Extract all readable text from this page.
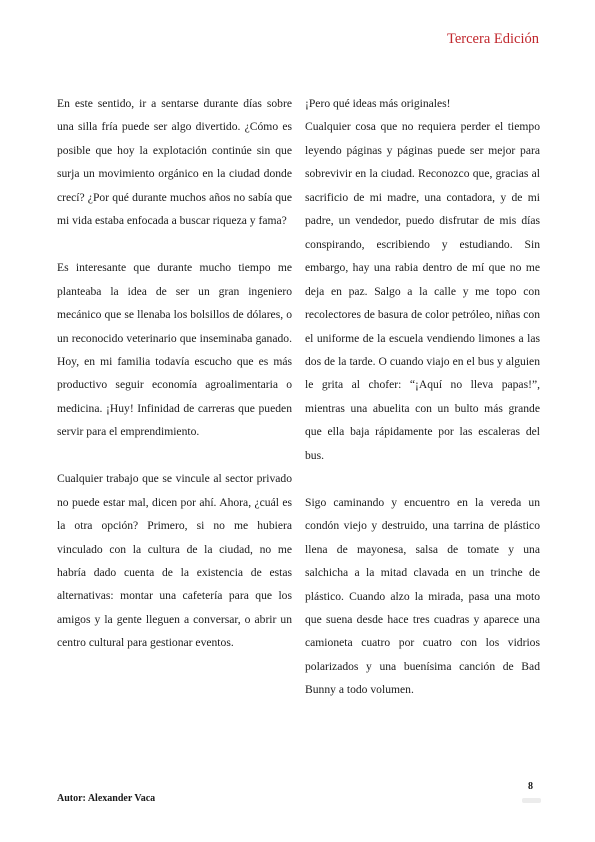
Tercera Edición

En este sentido, ir a sentarse durante días sobre una silla fría puede ser algo divertido. ¿Cómo es posible que hoy la explotación continúe sin que surja un movimiento orgánico en la ciudad donde crecí? ¿Por qué durante muchos años no sabía que mi vida estaba enfocada a buscar riqueza y fama?

Es interesante que durante mucho tiempo me planteaba la idea de ser un gran ingeniero mecánico que se llenaba los bolsillos de dólares, o un reconocido veterinario que inseminaba ganado. Hoy, en mi familia todavía escucho que es más productivo seguir economía agroalimentaria o medicina. ¡Huy! Infinidad de carreras que pueden servir para el emprendimiento.

Cualquier trabajo que se vincule al sector privado no puede estar mal, dicen por ahí. Ahora, ¿cuál es la otra opción? Primero, si no me hubiera vinculado con la cultura de la ciudad, no me habría dado cuenta de la existencia de estas alternativas: montar una cafetería para que los amigos y la gente lleguen a conversar, o abrir un centro cultural para gestionar eventos.

¡Pero qué ideas más originales!

Cualquier cosa que no requiera perder el tiempo leyendo páginas y páginas puede ser mejor para sobrevivir en la ciudad. Reconozco que, gracias al sacrificio de mi madre, una contadora, y de mi padre, un vendedor, puedo disfrutar de mis días conspirando, escribiendo y estudiando. Sin embargo, hay una rabia dentro de mí que no me deja en paz. Salgo a la calle y me topo con recolectores de basura de color petróleo, niñas con el uniforme de la escuela vendiendo limones a las dos de la tarde. O cuando viajo en el bus y alguien le grita al chofer: “¡Aquí no lleva papas!”, mientras una abuelita con un bulto más grande que ella baja rápidamente por las escaleras del bus.

Sigo caminando y encuentro en la vereda un condón viejo y destruido, una tarrina de plástico llena de mayonesa, salsa de tomate y una salchicha a la mitad clavada en un trinche de plástico. Cuando alzo la mirada, pasa una moto que suena desde hace tres cuadras y aparece una camioneta cuatro por cuatro con los vidrios polarizados y una buenísima canción de Bad Bunny a todo volumen.

8
Autor: Alexander Vaca
